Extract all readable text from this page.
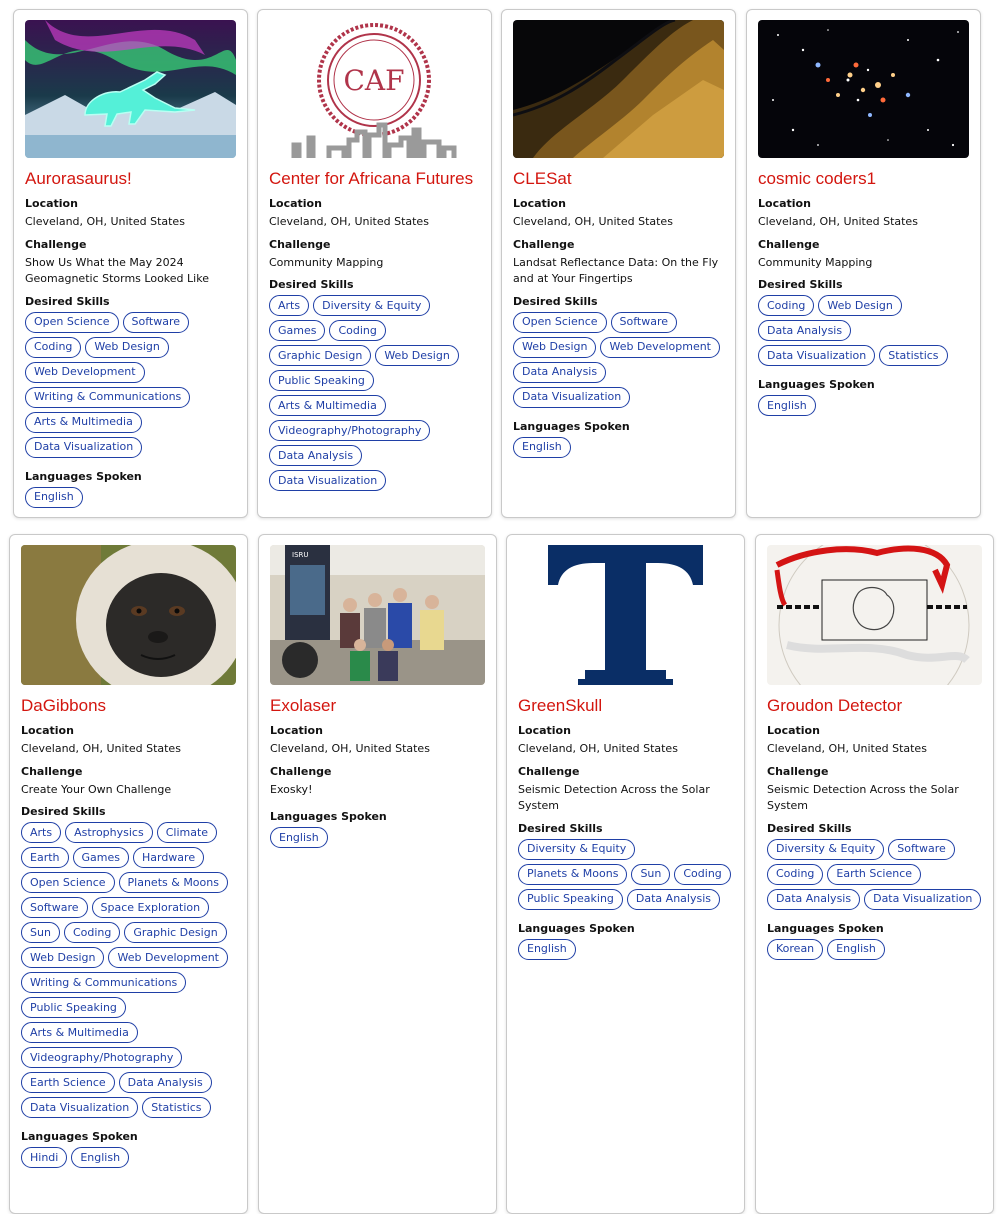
Aurorasaurus!
Location
Cleveland, OH, United States
Challenge
Show Us What the May 2024 Geomagnetic Storms Looked Like
Desired Skills
Open Science	Software
Coding	Web Design
Web Development
Writing & Communications
Arts & Multimedia
Data Visualization
Languages Spoken
English
CAF
Center for Africana Futures
Location
Cleveland, OH, United States
Challenge
Community Mapping
Desired Skills
Arts	Diversity & Equity
Games	Coding
Graphic Design	Web Design
Public Speaking
Arts & Multimedia
Videography/Photography
Data Analysis
Data Visualization
CLESat
Location
Cleveland, OH, United States
Challenge
Landsat Reflectance Data: On the Fly and at Your Fingertips
Desired Skills
Open Science	Software
Web Design	Web Development
Data Analysis
Data Visualization
Languages Spoken
English
cosmic coders1
Location
Cleveland, OH, United States
Challenge
Community Mapping
Desired Skills
Coding	Web Design
Data Analysis
Data Visualization	Statistics
Languages Spoken
English
DaGibbons
Location
Cleveland, OH, United States
Challenge
Create Your Own Challenge
Desired Skills
Arts	Astrophysics	Climate
Earth	Games	Hardware
Open Science	Planets & Moons
Software	Space Exploration
Sun	Coding	Graphic Design
Web Design	Web Development
Writing & Communications
Public Speaking
Arts & Multimedia
Videography/Photography
Earth Science	Data Analysis
Data Visualization	Statistics
Languages Spoken
Hindi	English
ISRU
Exolaser
Location
Cleveland, OH, United States
Challenge
Exosky!
Languages Spoken
English
GreenSkull
Location
Cleveland, OH, United States
Challenge
Seismic Detection Across the Solar System
Desired Skills
Diversity & Equity
Planets & Moons	Sun	Coding
Public Speaking	Data Analysis
Languages Spoken
English
Groudon Detector
Location
Cleveland, OH, United States
Challenge
Seismic Detection Across the Solar System
Desired Skills
Diversity & Equity	Software
Coding	Earth Science
Data Analysis	Data Visualization
Languages Spoken
Korean	English
